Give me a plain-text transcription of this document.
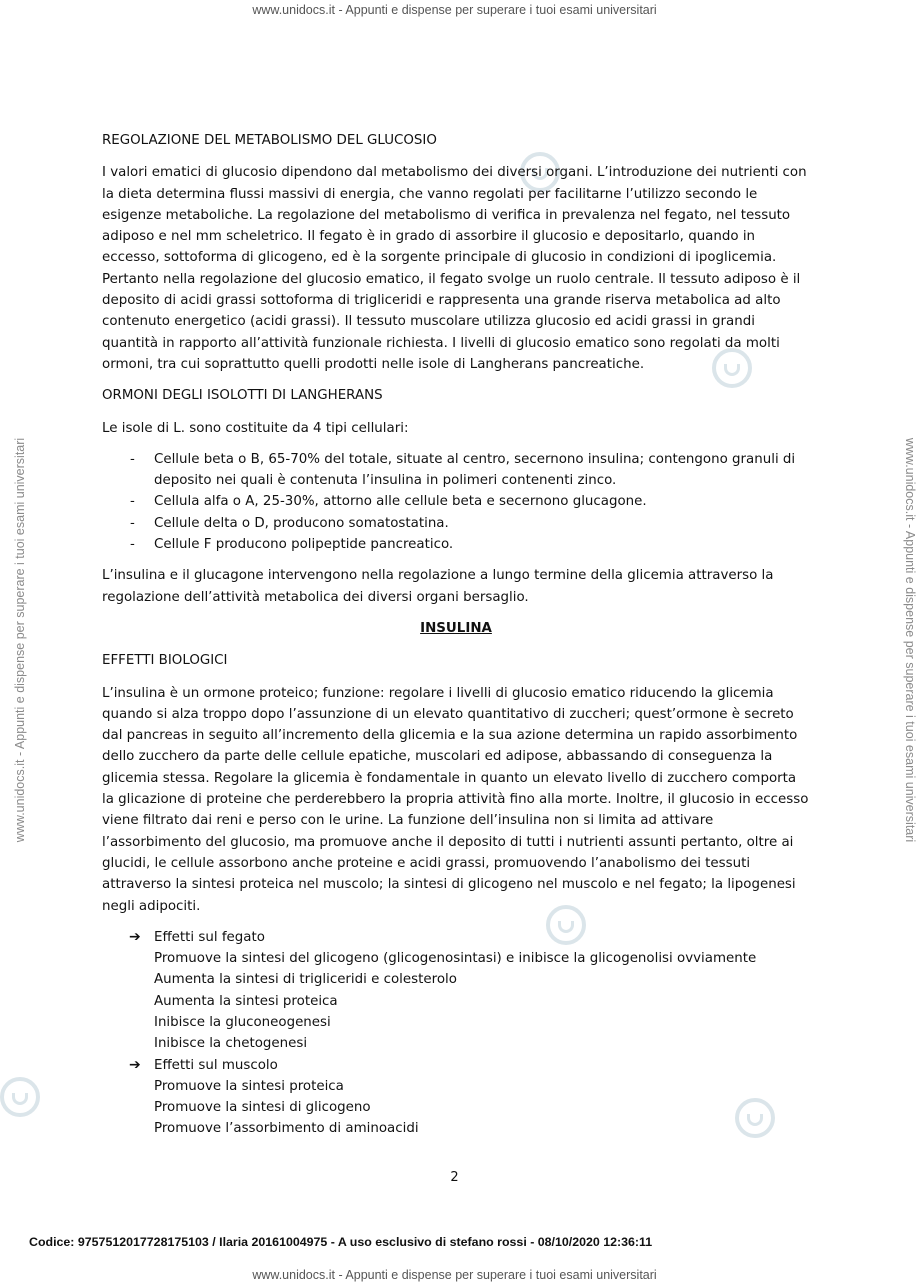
www.unidocs.it - Appunti e dispense per superare i tuoi esami universitari
www.unidocs.it - Appunti e dispense per superare i tuoi esami universitari
www.unidocs.it - Appunti e dispense per superare i tuoi esami universitari	www.unidocs.it - Appunti e dispense per superare i tuoi esami universitari

REGOLAZIONE DEL METABOLISMO DEL GLUCOSIO

I valori ematici di glucosio dipendono dal metabolismo dei diversi organi. L’introduzione dei nutrienti con la dieta determina flussi massivi di energia, che vanno regolati per facilitarne l’utilizzo secondo le esigenze metaboliche. La regolazione del metabolismo di verifica in prevalenza nel fegato, nel tessuto adiposo e nel mm scheletrico. Il fegato è in grado di assorbire il glucosio e depositarlo, quando in eccesso, sottoforma di glicogeno, ed è la sorgente principale di glucosio in condizioni di ipoglicemia. Pertanto nella regolazione del glucosio ematico, il fegato svolge un ruolo centrale. Il tessuto adiposo è il deposito di acidi grassi sottoforma di trigliceridi e rappresenta una grande riserva metabolica ad alto contenuto energetico (acidi grassi). Il tessuto muscolare utilizza glucosio ed acidi grassi in grandi quantità in rapporto all’attività funzionale richiesta. I livelli di glucosio ematico sono regolati da molti ormoni, tra cui soprattutto quelli prodotti nelle isole di Langherans pancreatiche.

ORMONI DEGLI ISOLOTTI DI LANGHERANS

Le isole di L. sono costituite da 4 tipi cellulari:

- Cellule beta o B, 65-70% del totale, situate al centro, secernono insulina; contengono granuli di deposito nei quali è contenuta l’insulina in polimeri contenenti zinco.
- Cellula alfa o A, 25-30%, attorno alle cellule beta e secernono glucagone.
- Cellule delta o D, producono somatostatina.
- Cellule F producono polipeptide pancreatico.

L’insulina e il glucagone intervengono nella regolazione a lungo termine della glicemia attraverso la regolazione dell’attività metabolica dei diversi organi bersaglio.

INSULINA

EFFETTI BIOLOGICI

L’insulina è un ormone proteico; funzione: regolare i livelli di glucosio ematico riducendo la glicemia quando si alza troppo dopo l’assunzione di un elevato quantitativo di zuccheri; quest’ormone è secreto dal pancreas in seguito all’incremento della glicemia e la sua azione determina un rapido assorbimento dello zucchero da parte delle cellule epatiche, muscolari ed adipose, abbassando di conseguenza la glicemia stessa. Regolare la glicemia è fondamentale in quanto un elevato livello di zucchero comporta la glicazione di proteine che perderebbero la propria attività fino alla morte. Inoltre, il glucosio in eccesso viene filtrato dai reni e perso con le urine. La funzione dell’insulina non si limita ad attivare l’assorbimento del glucosio, ma promuove anche il deposito di tutti i nutrienti assunti pertanto, oltre ai glucidi, le cellule assorbono anche proteine e acidi grassi, promuovendo l’anabolismo dei tessuti attraverso la sintesi proteica nel muscolo; la sintesi di glicogeno nel muscolo e nel fegato; la lipogenesi negli adipociti.

➔ Effetti sul fegato
Promuove la sintesi del glicogeno (glicogenosintasi) e inibisce la glicogenolisi ovviamente
Aumenta la sintesi di trigliceridi e colesterolo
Aumenta la sintesi proteica
Inibisce la gluconeogenesi
Inibisce la chetogenesi
➔ Effetti sul muscolo
Promuove la sintesi proteica
Promuove la sintesi di glicogeno
Promuove l’assorbimento di aminoacidi
2
Codice: 9757512017728175103 / Ilaria 20161004975 - A uso esclusivo di stefano rossi - 08/10/2020 12:36:11
